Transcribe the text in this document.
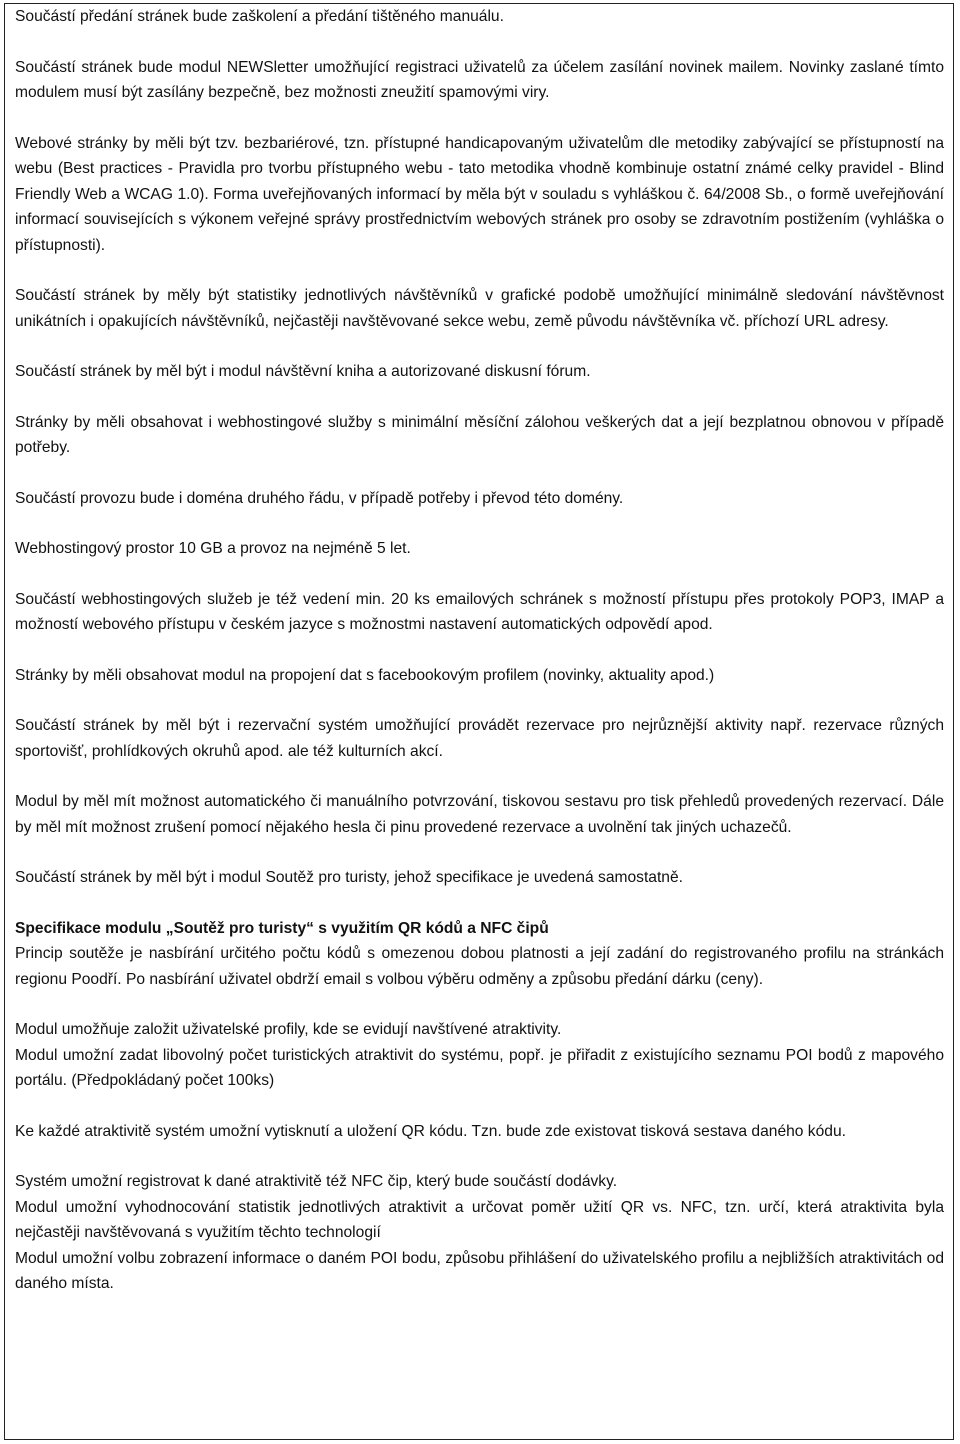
Součástí předání stránek bude zaškolení a předání tištěného manuálu.

Součástí stránek bude modul NEWSletter umožňující registraci uživatelů za účelem zasílání novinek mailem. Novinky zaslané tímto modulem musí být zasílány bezpečně, bez možnosti zneužití spamovými viry.

Webové stránky by měli být tzv. bezbariérové, tzn. přístupné handicapovaným uživatelům dle metodiky zabývající se přístupností na webu (Best practices - Pravidla pro tvorbu přístupného webu - tato metodika vhodně kombinuje ostatní známé celky pravidel - Blind Friendly Web a WCAG 1.0). Forma uveřejňovaných informací by měla být v souladu s vyhláškou č. 64/2008 Sb., o formě uveřejňování informací souvisejících s výkonem veřejné správy prostřednictvím webových stránek pro osoby se zdravotním postižením (vyhláška o přístupnosti).

Součástí stránek by měly být statistiky jednotlivých návštěvníků v grafické podobě umožňující minimálně sledování návštěvnost unikátních i opakujících návštěvníků, nejčastěji navštěvované sekce webu, země původu návštěvníka vč. příchozí URL adresy.

Součástí stránek by měl být i modul návštěvní kniha a autorizované diskusní fórum.

Stránky by měli obsahovat i webhostingové služby s minimální měsíční zálohou veškerých dat a její bezplatnou obnovou v případě potřeby.

Součástí provozu bude i doména druhého řádu, v případě potřeby i převod této domény.

Webhostingový prostor 10 GB a provoz na nejméně 5 let.

Součástí webhostingových služeb je též vedení min. 20 ks emailových schránek s možností přístupu přes protokoly POP3, IMAP a možností webového přístupu v českém jazyce s možnostmi nastavení automatických odpovědí apod.

Stránky by měli obsahovat modul na propojení dat s facebookovým profilem (novinky, aktuality apod.)

Součástí stránek by měl být i rezervační systém umožňující provádět rezervace pro nejrůznější aktivity např. rezervace různých sportovišť, prohlídkových okruhů apod. ale též kulturních akcí.

Modul by měl mít možnost automatického či manuálního potvrzování, tiskovou sestavu pro tisk přehledů provedených rezervací. Dále by měl mít možnost zrušení pomocí nějakého hesla či pinu provedené rezervace a uvolnění tak jiných uchazečů.

Součástí stránek by měl být i modul Soutěž pro turisty, jehož specifikace je uvedená samostatně.

Specifikace modulu „Soutěž pro turisty“ s využitím QR kódů a NFC čipů

Princip soutěže je nasbírání určitého počtu kódů s omezenou dobou platnosti a její zadání do registrovaného profilu na stránkách regionu Poodří. Po nasbírání uživatel obdrží email s volbou výběru odměny a způsobu předání dárku (ceny).

Modul umožňuje založit uživatelské profily, kde se evidují navštívené atraktivity.

Modul umožní zadat libovolný počet turistických atraktivit do systému, popř. je přiřadit z existujícího seznamu POI bodů z mapového portálu. (Předpokládaný počet 100ks)

Ke každé atraktivitě systém umožní vytisknutí a uložení QR kódu. Tzn. bude zde existovat tisková sestava daného kódu.

Systém umožní registrovat k dané atraktivitě též NFC čip, který bude součástí dodávky.

Modul umožní vyhodnocování statistik jednotlivých atraktivit a určovat poměr užití QR vs. NFC, tzn. určí, která atraktivita byla nejčastěji navštěvovaná s využitím těchto technologií

Modul umožní volbu zobrazení informace o daném POI bodu, způsobu přihlášení do uživatelského profilu a nejbližších atraktivitách od daného místa.
